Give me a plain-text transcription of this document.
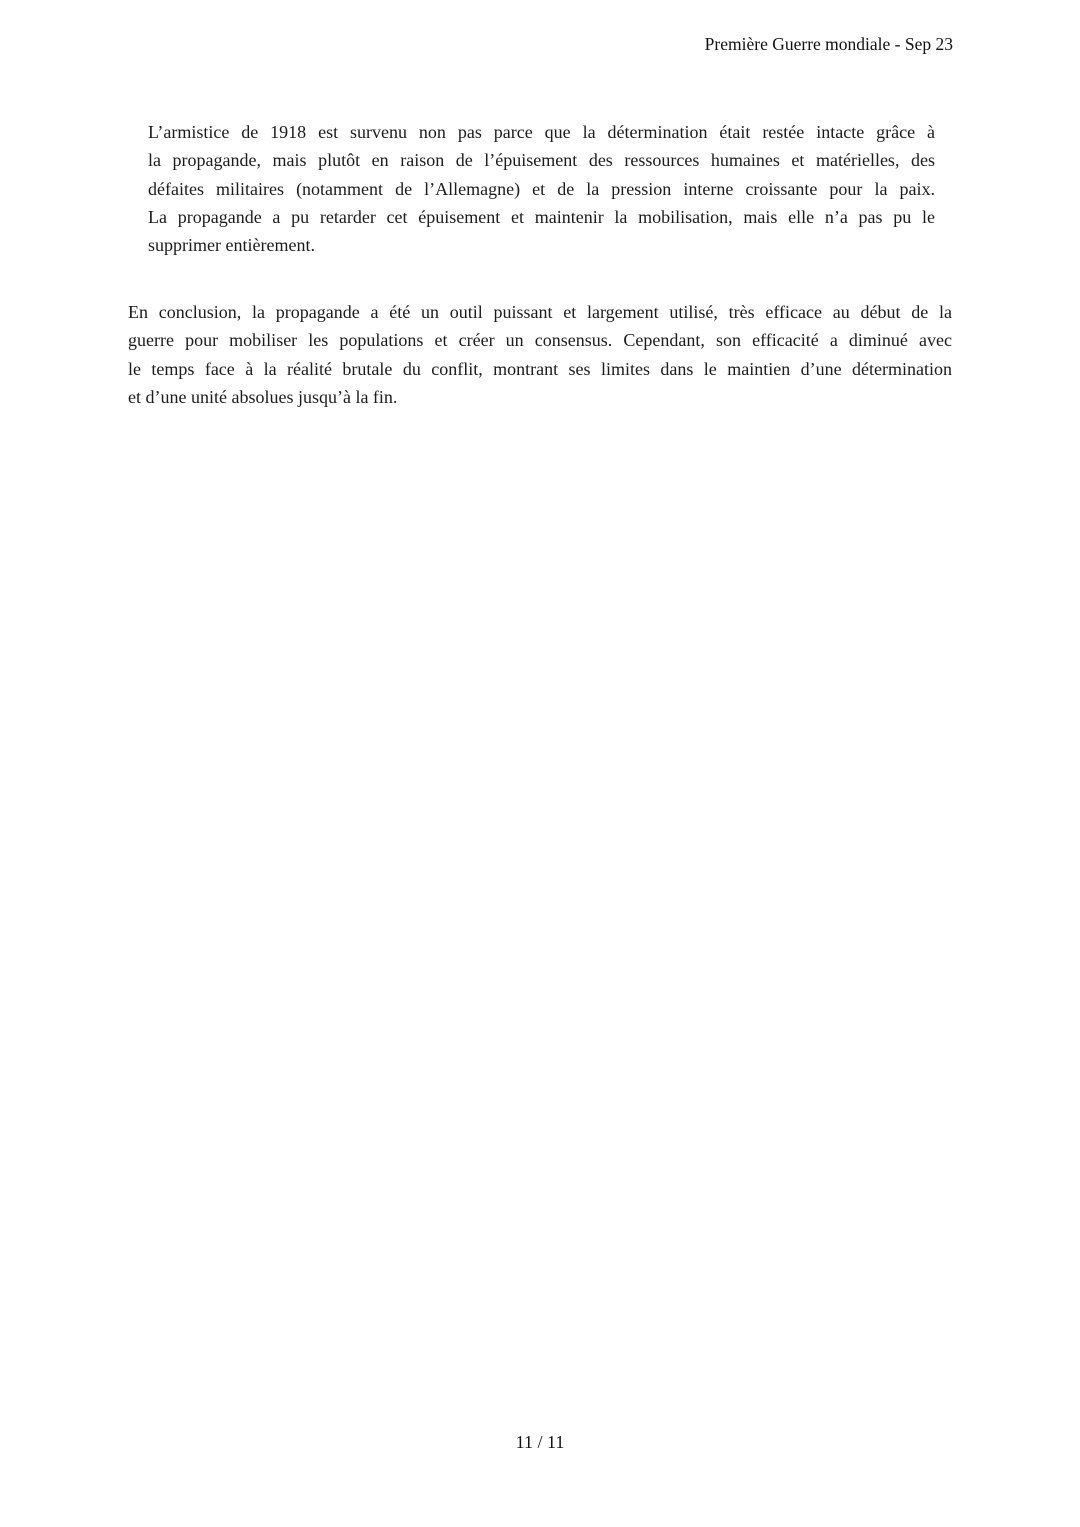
Première Guerre mondiale - Sep 23
L’armistice de 1918 est survenu non pas parce que la détermination était restée intacte grâce à
la propagande, mais plutôt en raison de l’épuisement des ressources humaines et matérielles, des
défaites militaires (notamment de l’Allemagne) et de la pression interne croissante pour la paix.
La propagande a pu retarder cet épuisement et maintenir la mobilisation, mais elle n’a pas pu le
supprimer entièrement.
En conclusion, la propagande a été un outil puissant et largement utilisé, très efficace au début de la
guerre pour mobiliser les populations et créer un consensus. Cependant, son efficacité a diminué avec
le temps face à la réalité brutale du conflit, montrant ses limites dans le maintien d’une détermination
et d’une unité absolues jusqu’à la fin.
11 / 11
